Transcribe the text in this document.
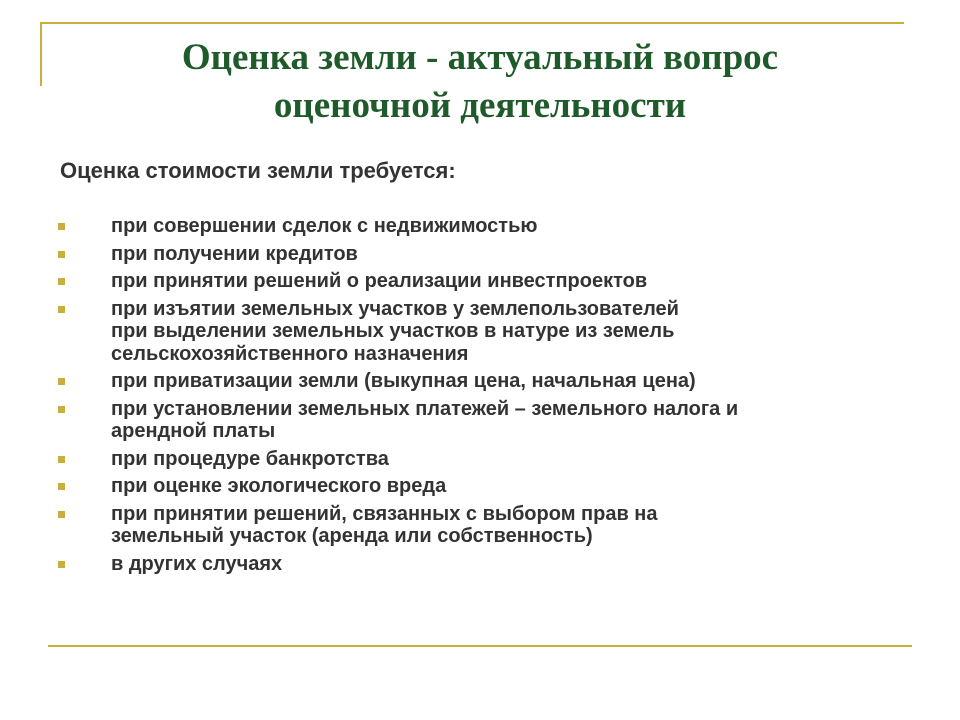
Оценка земли - актуальный вопрос
оценочной деятельности

Оценка стоимости земли требуется:

при совершении сделок с недвижимостью
при получении кредитов
при принятии решений о реализации инвестпроектов
при изъятии земельных участков у землепользователей
при выделении земельных участков в натуре из земель
сельскохозяйственного назначения
при приватизации земли (выкупная цена, начальная цена)
при установлении земельных платежей – земельного налога и
арендной платы
при процедуре банкротства
при оценке экологического вреда
при принятии решений, связанных с выбором прав на
земельный участок (аренда или собственность)
в других случаях
